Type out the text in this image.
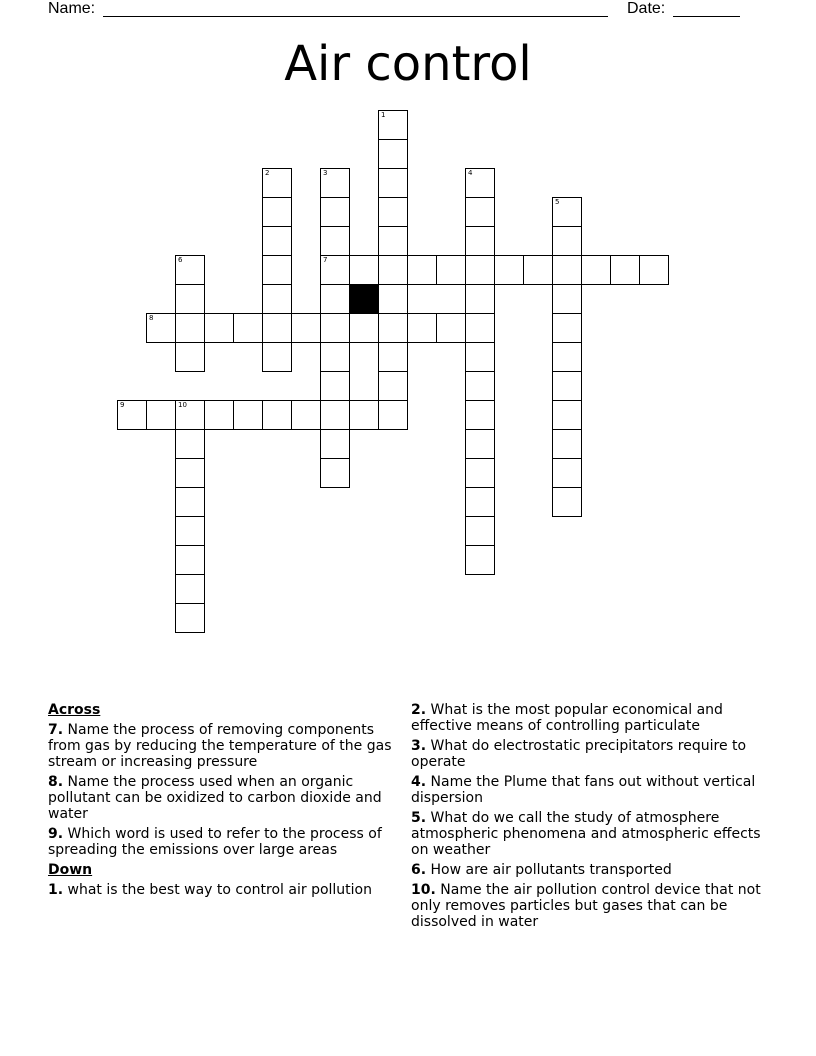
Name:	Date:
Air control
1
2	3
7
4
5
6
8
9	10
Across
7. Name the process of removing components from gas by reducing the temperature of the gas stream or increasing pressure
8. Name the process used when an organic pollutant can be oxidized to carbon dioxide and water
9. Which word is used to refer to the process of spreading the emissions over large areas
Down
1. what is the best way to control air pollution
2. What is the most popular economical and effective means of controlling particulate
3. What do electrostatic precipitators require to operate
4. Name the Plume that fans out without vertical dispersion
5. What do we call the study of atmosphere atmospheric phenomena and atmospheric effects on weather
6. How are air pollutants transported
10. Name the air pollution control device that not only removes particles but gases that can be dissolved in water
